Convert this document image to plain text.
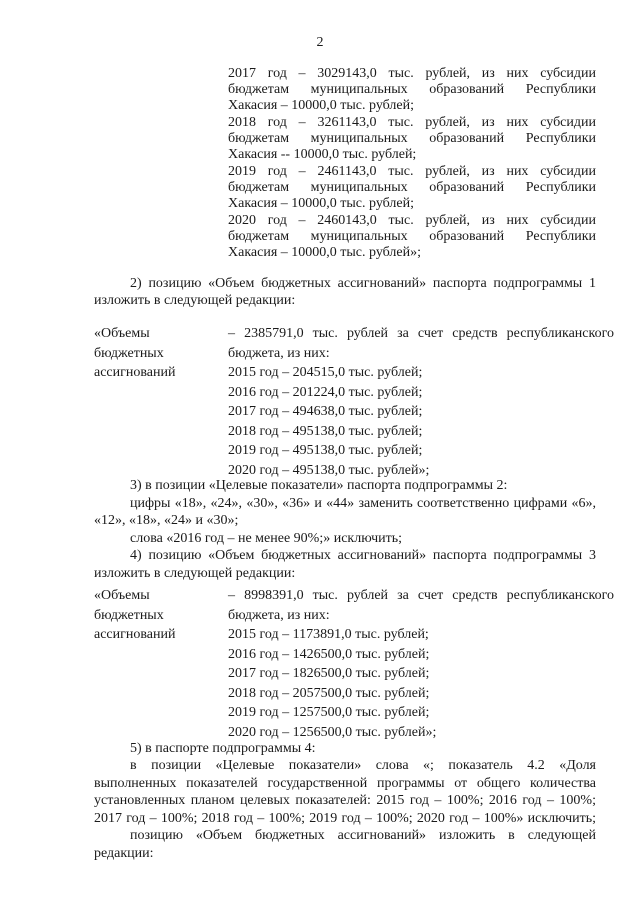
2
2017 год – 3029143,0 тыс. рублей, из них субсидии
бюджетам муниципальных образований Республики
Хакасия – 10000,0 тыс. рублей;
2018 год – 3261143,0 тыс. рублей, из них субсидии
бюджетам муниципальных образований Республики
Хакасия -- 10000,0 тыс. рублей;
2019 год – 2461143,0 тыс. рублей, из них субсидии
бюджетам муниципальных образований Республики
Хакасия – 10000,0 тыс. рублей;
2020 год – 2460143,0 тыс. рублей, из них субсидии
бюджетам муниципальных образований Республики
Хакасия – 10000,0 тыс. рублей»;
2) позицию «Объем бюджетных ассигнований» паспорта подпрограммы 1
изложить в следующей редакции:
«Объемы
бюджетных
ассигнований
– 2385791,0 тыс. рублей за счет средств республиканского
бюджета, из них:
2015 год – 204515,0 тыс. рублей;
2016 год – 201224,0 тыс. рублей;
2017 год – 494638,0 тыс. рублей;
2018 год – 495138,0 тыс. рублей;
2019 год – 495138,0 тыс. рублей;
2020 год – 495138,0 тыс. рублей»;
3) в позиции «Целевые показатели» паспорта подпрограммы 2:
цифры «18», «24», «30», «36» и «44» заменить соответственно цифрами «6»,
«12», «18», «24» и «30»;
слова «2016 год – не менее 90%;» исключить;
4) позицию «Объем бюджетных ассигнований» паспорта подпрограммы 3
изложить в следующей редакции:
«Объемы
бюджетных
ассигнований
– 8998391,0 тыс. рублей за счет средств республиканского
бюджета, из них:
2015 год – 1173891,0 тыс. рублей;
2016 год – 1426500,0 тыс. рублей;
2017 год – 1826500,0 тыс. рублей;
2018 год – 2057500,0 тыс. рублей;
2019 год – 1257500,0 тыс. рублей;
2020 год – 1256500,0 тыс. рублей»;
5) в паспорте подпрограммы 4:
в позиции «Целевые показатели» слова «; показатель 4.2 «Доля
выполненных показателей государственной программы от общего количества
установленных планом целевых показателей: 2015 год – 100%; 2016 год – 100%;
2017 год – 100%; 2018 год – 100%; 2019 год – 100%; 2020 год – 100%» исключить;
позицию «Объем бюджетных ассигнований» изложить в следующей
редакции:
